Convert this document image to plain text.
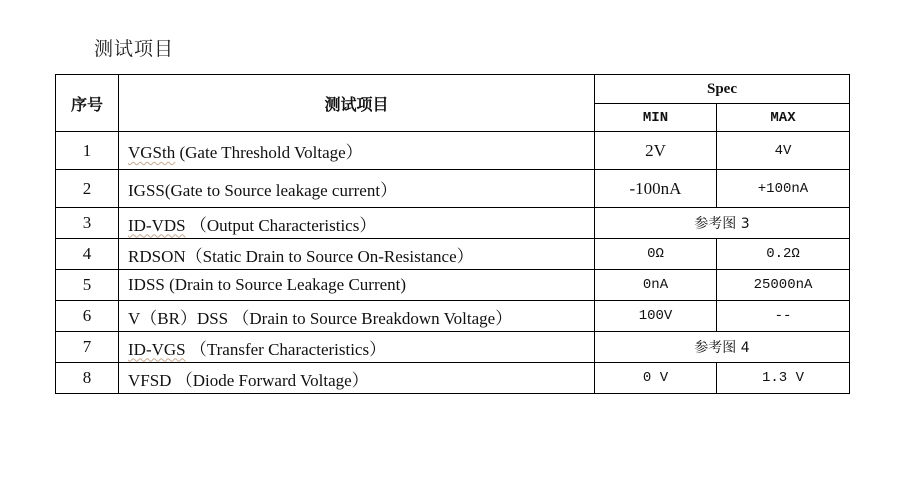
测试项目
序号	测试项目	Spec	
		MIN	MAX
1	VGSth (Gate Threshold Voltage）	2V	4V
2	IGSS(Gate to Source leakage current）	-100nA	+100nA
3	ID-VDS （Output Characteristics）	参考图 3	
4	RDSON（Static Drain to Source On-Resistance）	0Ω	0.2Ω
5	IDSS (Drain to Source Leakage Current)	0nA	25000nA
6	V（BR）DSS （Drain to Source Breakdown Voltage）	100V	--
7	ID-VGS （Transfer Characteristics）	参考图 4	
8	VFSD （Diode Forward Voltage）	0 V	1.3 V
